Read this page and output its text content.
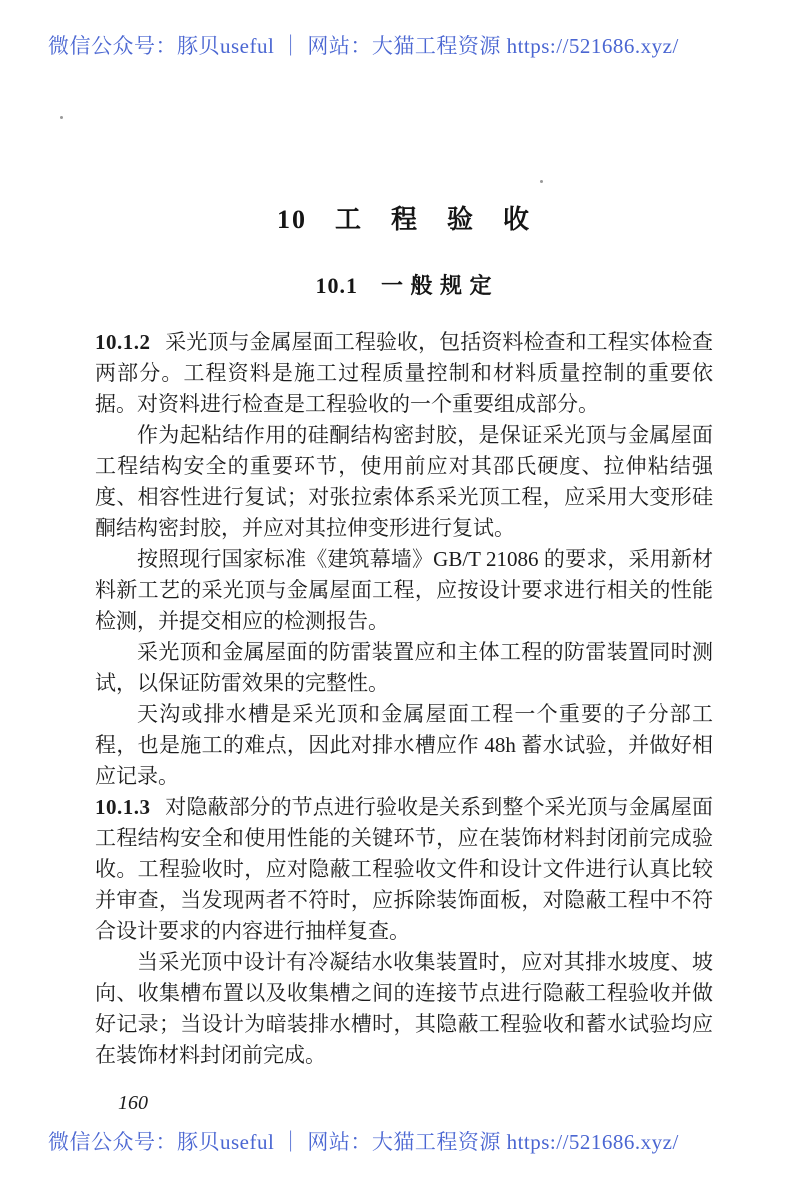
微信公众号：豚贝useful ｜ 网站：大猫工程资源 https://521686.xyz/
10　工　程　验　收
10.1　一 般 规 定

10.1.2 采光顶与金属屋面工程验收，包括资料检查和工程实体检查两部分。工程资料是施工过程质量控制和材料质量控制的重要依据。对资料进行检查是工程验收的一个重要组成部分。

作为起粘结作用的硅酮结构密封胶，是保证采光顶与金属屋面工程结构安全的重要环节，使用前应对其邵氏硬度、拉伸粘结强度、相容性进行复试；对张拉索体系采光顶工程，应采用大变形硅酮结构密封胶，并应对其拉伸变形进行复试。

按照现行国家标准《建筑幕墙》GB/T 21086 的要求，采用新材料新工艺的采光顶与金属屋面工程，应按设计要求进行相关的性能检测，并提交相应的检测报告。

采光顶和金属屋面的防雷装置应和主体工程的防雷装置同时测试，以保证防雷效果的完整性。

天沟或排水槽是采光顶和金属屋面工程一个重要的子分部工程，也是施工的难点，因此对排水槽应作 48h 蓄水试验，并做好相应记录。

10.1.3 对隐蔽部分的节点进行验收是关系到整个采光顶与金属屋面工程结构安全和使用性能的关键环节，应在装饰材料封闭前完成验收。工程验收时，应对隐蔽工程验收文件和设计文件进行认真比较并审查，当发现两者不符时，应拆除装饰面板，对隐蔽工程中不符合设计要求的内容进行抽样复查。

当采光顶中设计有冷凝结水收集装置时，应对其排水坡度、坡向、收集槽布置以及收集槽之间的连接节点进行隐蔽工程验收并做好记录；当设计为暗装排水槽时，其隐蔽工程验收和蓄水试验均应在装饰材料封闭前完成。

160
微信公众号：豚贝useful ｜ 网站：大猫工程资源 https://521686.xyz/
